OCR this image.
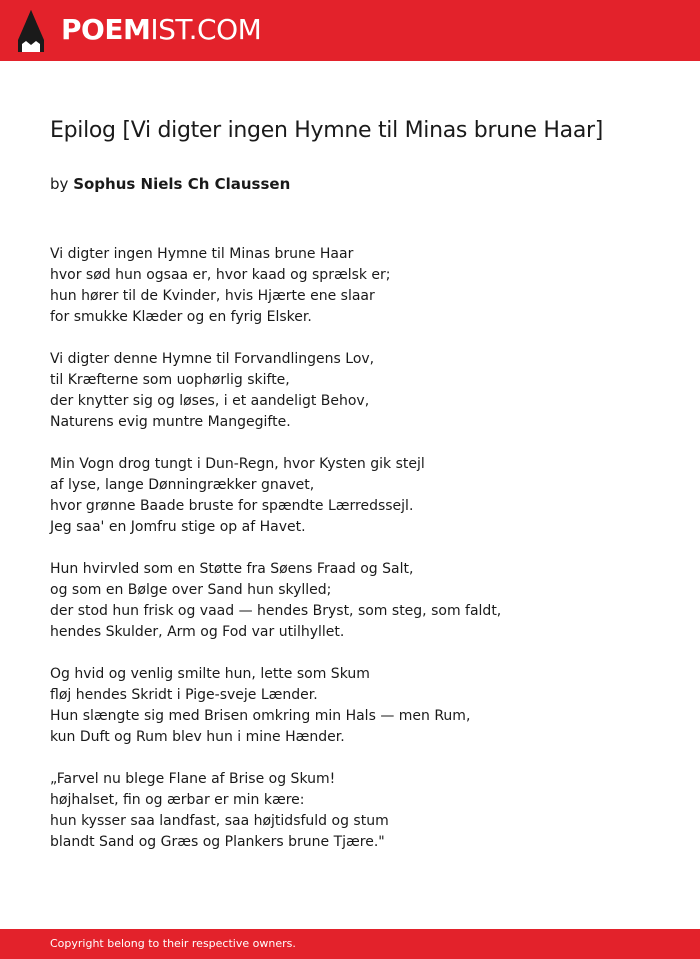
POEMIST.COM
Epilog [Vi digter ingen Hymne til Minas brune Haar]
by Sophus Niels Ch Claussen
Vi digter ingen Hymne til Minas brune Haar
hvor sød hun ogsaa er, hvor kaad og sprælsk er;
hun hører til de Kvinder, hvis Hjærte ene slaar
for smukke Klæder og en fyrig Elsker.
Vi digter denne Hymne til Forvandlingens Lov,
til Kræfterne som uophørlig skifte,
der knytter sig og løses, i et aandeligt Behov,
Naturens evig muntre Mangegifte.
Min Vogn drog tungt i Dun-Regn, hvor Kysten gik stejl
af lyse, lange Dønningrækker gnavet,
hvor grønne Baade bruste for spændte Lærredssejl.
Jeg saa' en Jomfru stige op af Havet.
Hun hvirvled som en Støtte fra Søens Fraad og Salt,
og som en Bølge over Sand hun skylled;
der stod hun frisk og vaad — hendes Bryst, som steg, som faldt,
hendes Skulder, Arm og Fod var utilhyllet.
Og hvid og venlig smilte hun, lette som Skum
fløj hendes Skridt i Pige-sveje Lænder.
Hun slængte sig med Brisen omkring min Hals — men Rum,
kun Duft og Rum blev hun i mine Hænder.
„Farvel nu blege Flane af Brise og Skum!
højhalset, fin og ærbar er min kære:
hun kysser saa landfast, saa højtidsfuld og stum
blandt Sand og Græs og Plankers brune Tjære."
Copyright belong to their respective owners.
